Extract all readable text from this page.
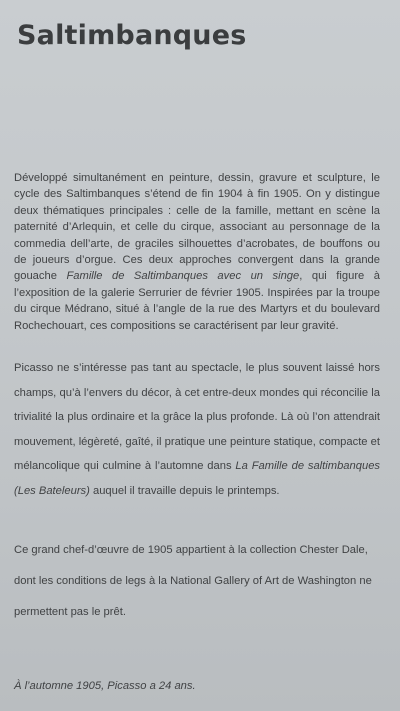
Saltimbanques

Développé simultanément en peinture, dessin, gravure et sculpture, le cycle des Saltimbanques s’étend de fin 1904 à fin 1905. On y distingue deux thématiques principales : celle de la famille, mettant en scène la paternité d’Arlequin, et celle du cirque, associant au personnage de la commedia dell’arte, de graciles silhouettes d’acrobates, de bouffons ou de joueurs d’orgue. Ces deux approches convergent dans la grande gouache Famille de Saltimbanques avec un singe, qui figure à l’exposition de la galerie Serrurier de février 1905. Inspirées par la troupe du cirque Médrano, situé à l’angle de la rue des Martyrs et du boulevard Rochechouart, ces compositions se caractérisent par leur gravité.

Picasso ne s’intéresse pas tant au spectacle, le plus souvent laissé hors champs, qu’à l’envers du décor, à cet entre-deux mondes qui réconcilie la trivialité la plus ordinaire et la grâce la plus profonde. Là où l’on attendrait mouvement, légèreté, gaîté, il pratique une peinture statique, compacte et mélancolique qui culmine à l’automne dans La Famille de saltimbanques (Les Bateleurs) auquel il travaille depuis le printemps.

Ce grand chef-d’œuvre de 1905 appartient à la collection Chester Dale, dont les conditions de legs à la National Gallery of Art de Washington ne permettent pas le prêt.

À l’automne 1905, Picasso a 24 ans.
